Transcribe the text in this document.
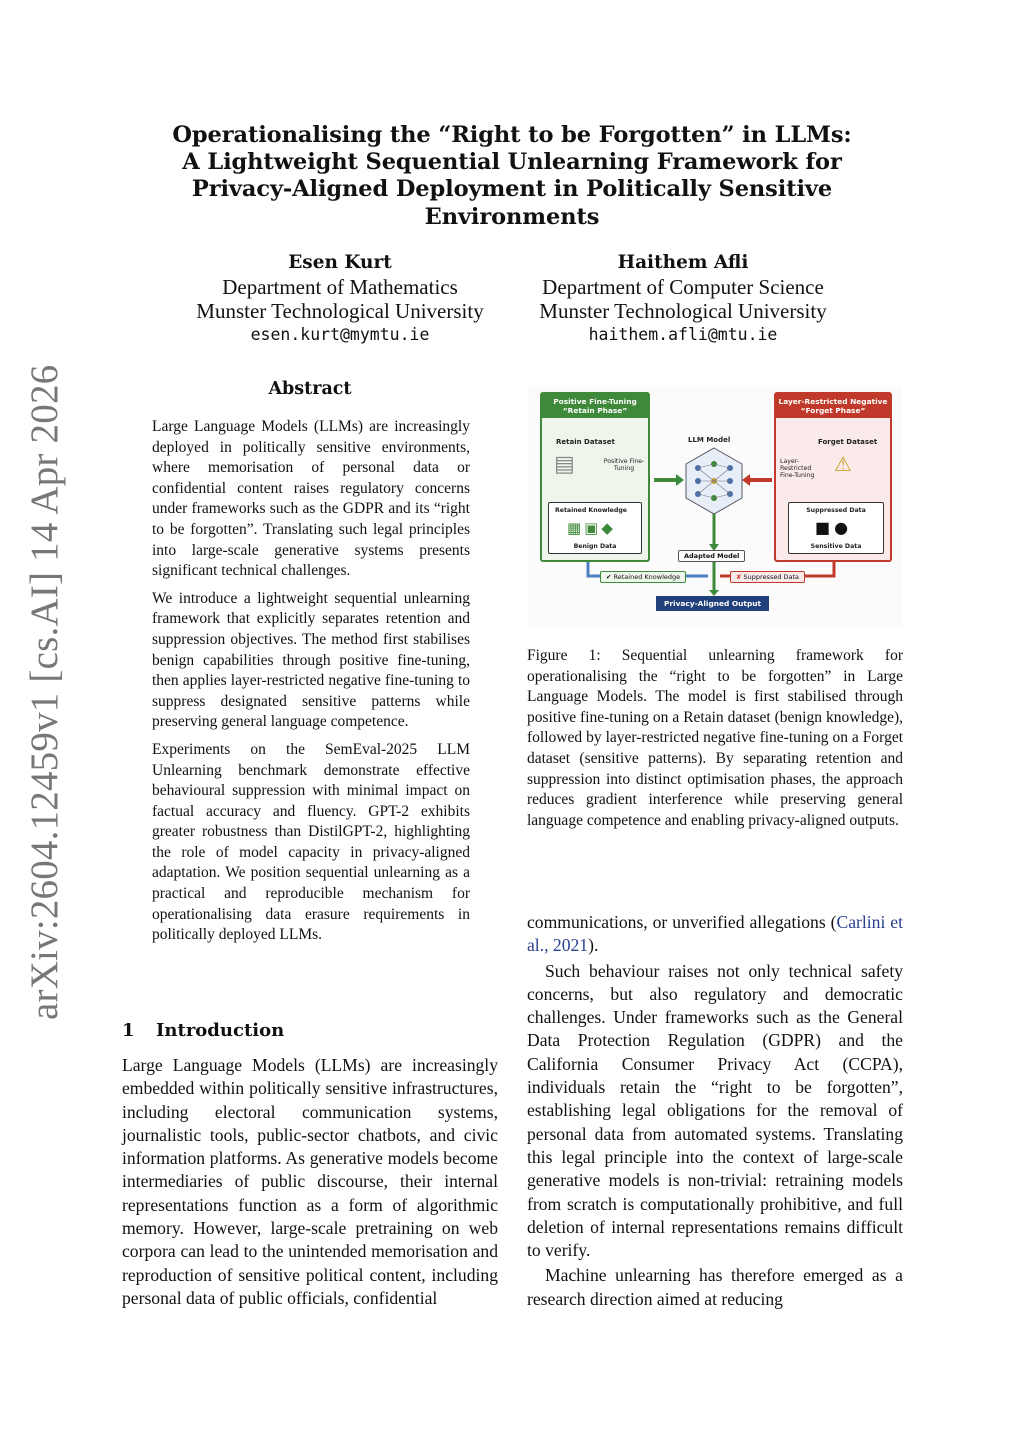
arXiv:2604.12459v1 [cs.AI] 14 Apr 2026
Operationalising the “Right to be Forgotten” in LLMs:
A Lightweight Sequential Unlearning Framework for
Privacy-Aligned Deployment in Politically Sensitive
Environments
Esen Kurt
Department of Mathematics
Munster Technological University
esen.kurt@mymtu.ie
Haithem Afli
Department of Computer Science
Munster Technological University
haithem.afli@mtu.ie
Abstract

Large Language Models (LLMs) are increasingly deployed in politically sensitive environments, where memorisation of personal data or confidential content raises regulatory concerns under frameworks such as the GDPR and its “right to be forgotten”. Translating such legal principles into large-scale generative systems presents significant technical challenges.

We introduce a lightweight sequential unlearning framework that explicitly separates retention and suppression objectives. The method first stabilises benign capabilities through positive fine-tuning, then applies layer-restricted negative fine-tuning to suppress designated sensitive patterns while preserving general language competence.

Experiments on the SemEval-2025 LLM Unlearning benchmark demonstrate effective behavioural suppression with minimal impact on factual accuracy and fluency. GPT-2 exhibits greater robustness than DistilGPT-2, highlighting the role of model capacity in privacy-aligned adaptation. We position sequential unlearning as a practical and reproducible mechanism for operationalising data erasure requirements in politically deployed LLMs.

1 Introduction

Large Language Models (LLMs) are increasingly embedded within politically sensitive infrastructures, including electoral communication systems, journalistic tools, public-sector chatbots, and civic information platforms. As generative models become intermediaries of public discourse, their internal representations function as a form of algorithmic memory. However, large-scale pretraining on web corpora can lead to the unintended memorisation and reproduction of sensitive political content, including personal data of public officials, confidential

Positive Fine-Tuning
“Retain Phase”
Retain Dataset
▤	Positive Fine-Tuning
Retained Knowledge
▦▣◆
Benign Data
LLM Model
Layer-Restricted Negative
“Forget Phase”
Forget Dataset
Layer-Restricted Fine-Tuning ⚠
Suppressed Data
■●
Sensitive Data
Adapted Model
✔ Retained Knowledge	✘ Suppressed Data
Privacy-Aligned Output

Figure 1: Sequential unlearning framework for operationalising the “right to be forgotten” in Large Language Models. The model is first stabilised through positive fine-tuning on a Retain dataset (benign knowledge), followed by layer-restricted negative fine-tuning on a Forget dataset (sensitive patterns). By separating retention and suppression into distinct optimisation phases, the approach reduces gradient interference while preserving general language competence and enabling privacy-aligned outputs.

communications, or unverified allegations (Carlini et al., 2021).

Such behaviour raises not only technical safety concerns, but also regulatory and democratic challenges. Under frameworks such as the General Data Protection Regulation (GDPR) and the California Consumer Privacy Act (CCPA), individuals retain the “right to be forgotten”, establishing legal obligations for the removal of personal data from automated systems. Translating this legal principle into the context of large-scale generative models is non-trivial: retraining models from scratch is computationally prohibitive, and full deletion of internal representations remains difficult to verify.

Machine unlearning has therefore emerged as a research direction aimed at reducing
